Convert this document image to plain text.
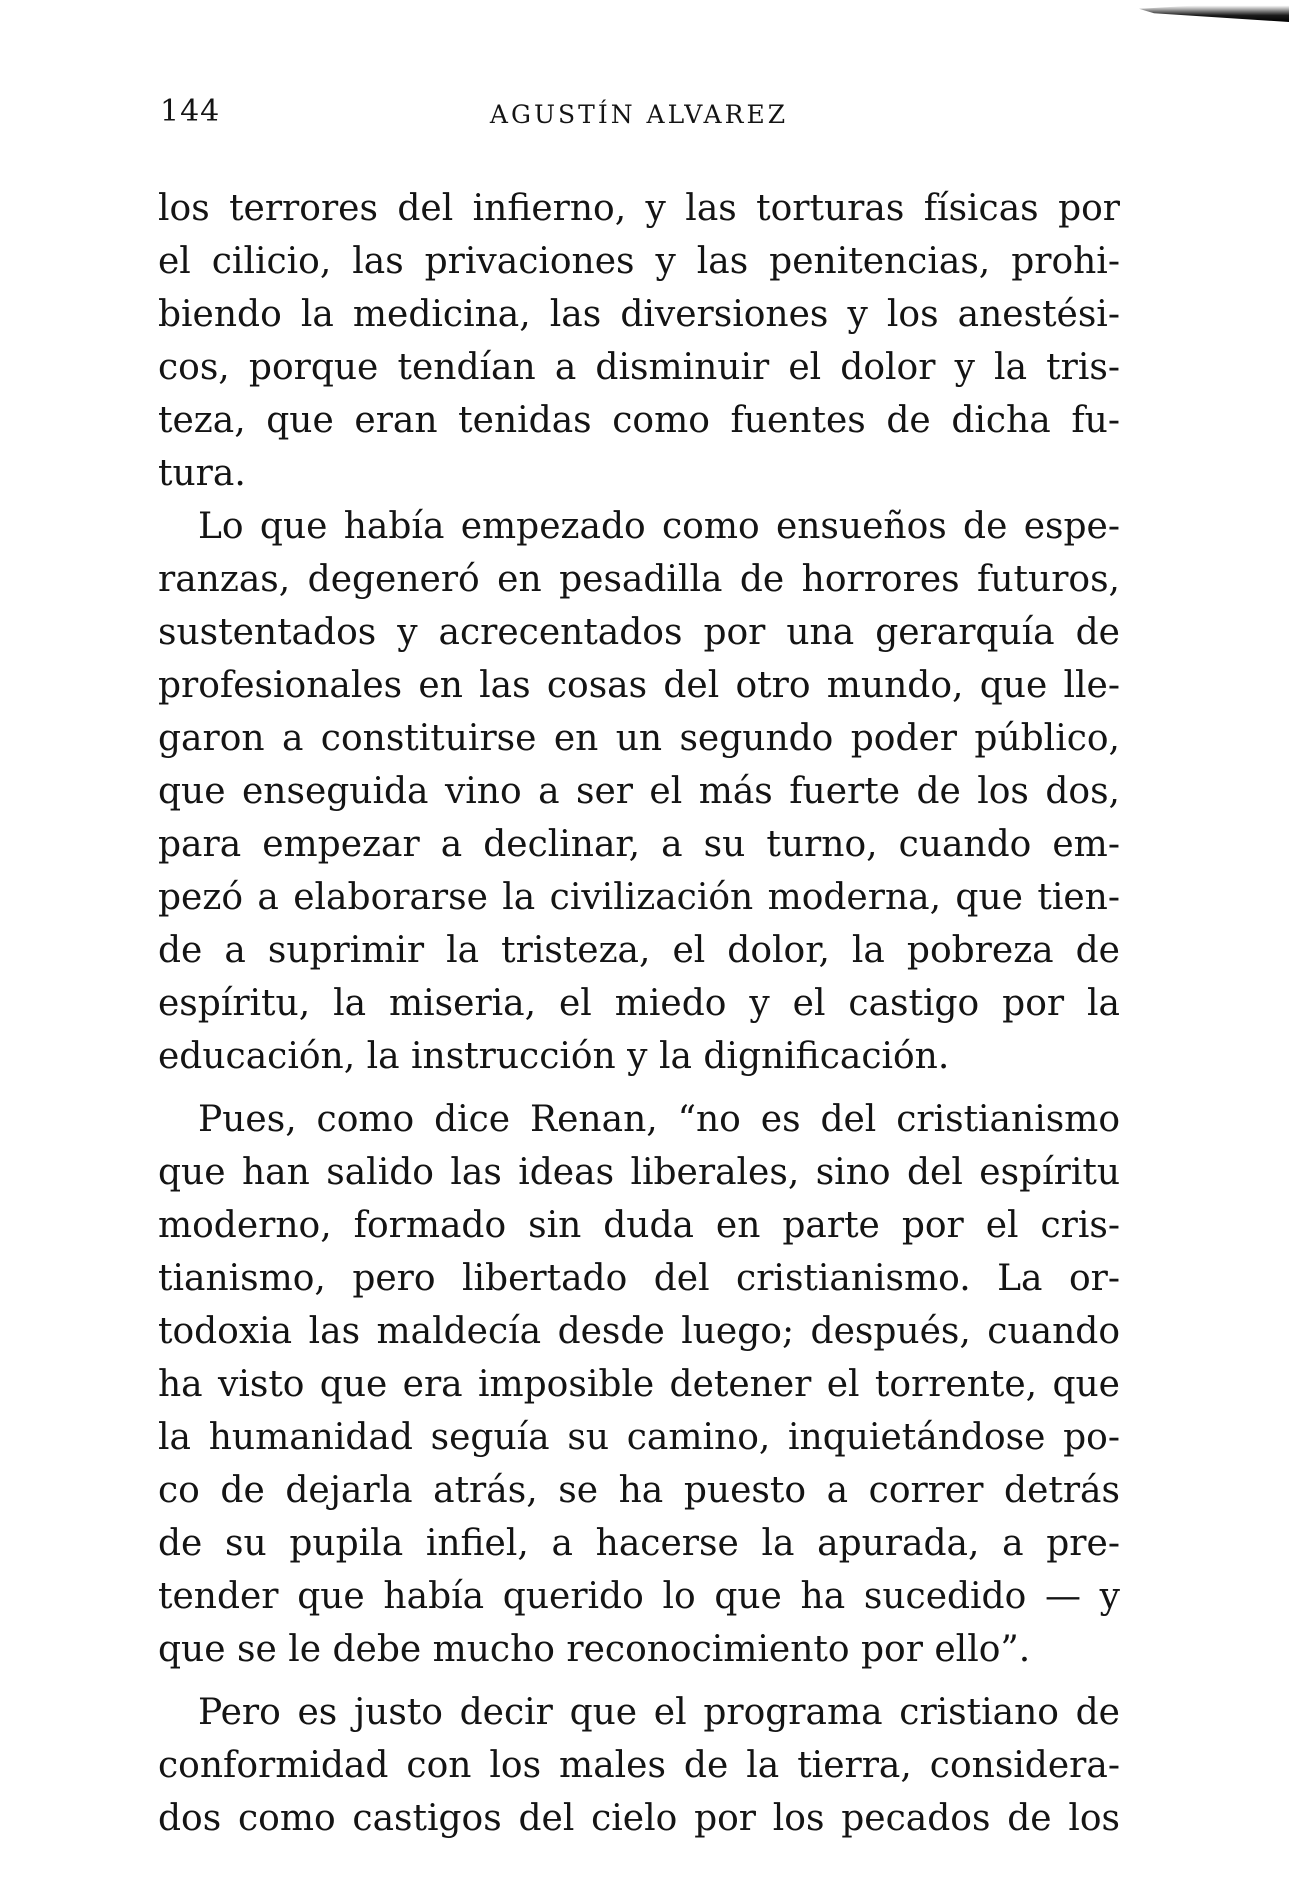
144	AGUSTÍN ALVAREZ
los terrores del infierno, y las torturas físicas por
el cilicio, las privaciones y las penitencias, prohi-
biendo la medicina, las diversiones y los anestési-
cos, porque tendían a disminuir el dolor y la tris-
teza, que eran tenidas como fuentes de dicha fu-
tura.
Lo que había empezado como ensueños de espe-
ranzas, degeneró en pesadilla de horrores futuros,
sustentados y acrecentados por una gerarquía de
profesionales en las cosas del otro mundo, que lle-
garon a constituirse en un segundo poder público,
que enseguida vino a ser el más fuerte de los dos,
para empezar a declinar, a su turno, cuando em-
pezó a elaborarse la civilización moderna, que tien-
de a suprimir la tristeza, el dolor, la pobreza de
espíritu, la miseria, el miedo y el castigo por la
educación, la instrucción y la dignificación.
Pues, como dice Renan, “no es del cristianismo
que han salido las ideas liberales, sino del espíritu
moderno, formado sin duda en parte por el cris-
tianismo, pero libertado del cristianismo. La or-
todoxia las maldecía desde luego; después, cuando
ha visto que era imposible detener el torrente, que
la humanidad seguía su camino, inquietándose po-
co de dejarla atrás, se ha puesto a correr detrás
de su pupila infiel, a hacerse la apurada, a pre-
tender que había querido lo que ha sucedido — y
que se le debe mucho reconocimiento por ello”.
Pero es justo decir que el programa cristiano de
conformidad con los males de la tierra, considera-
dos como castigos del cielo por los pecados de los
